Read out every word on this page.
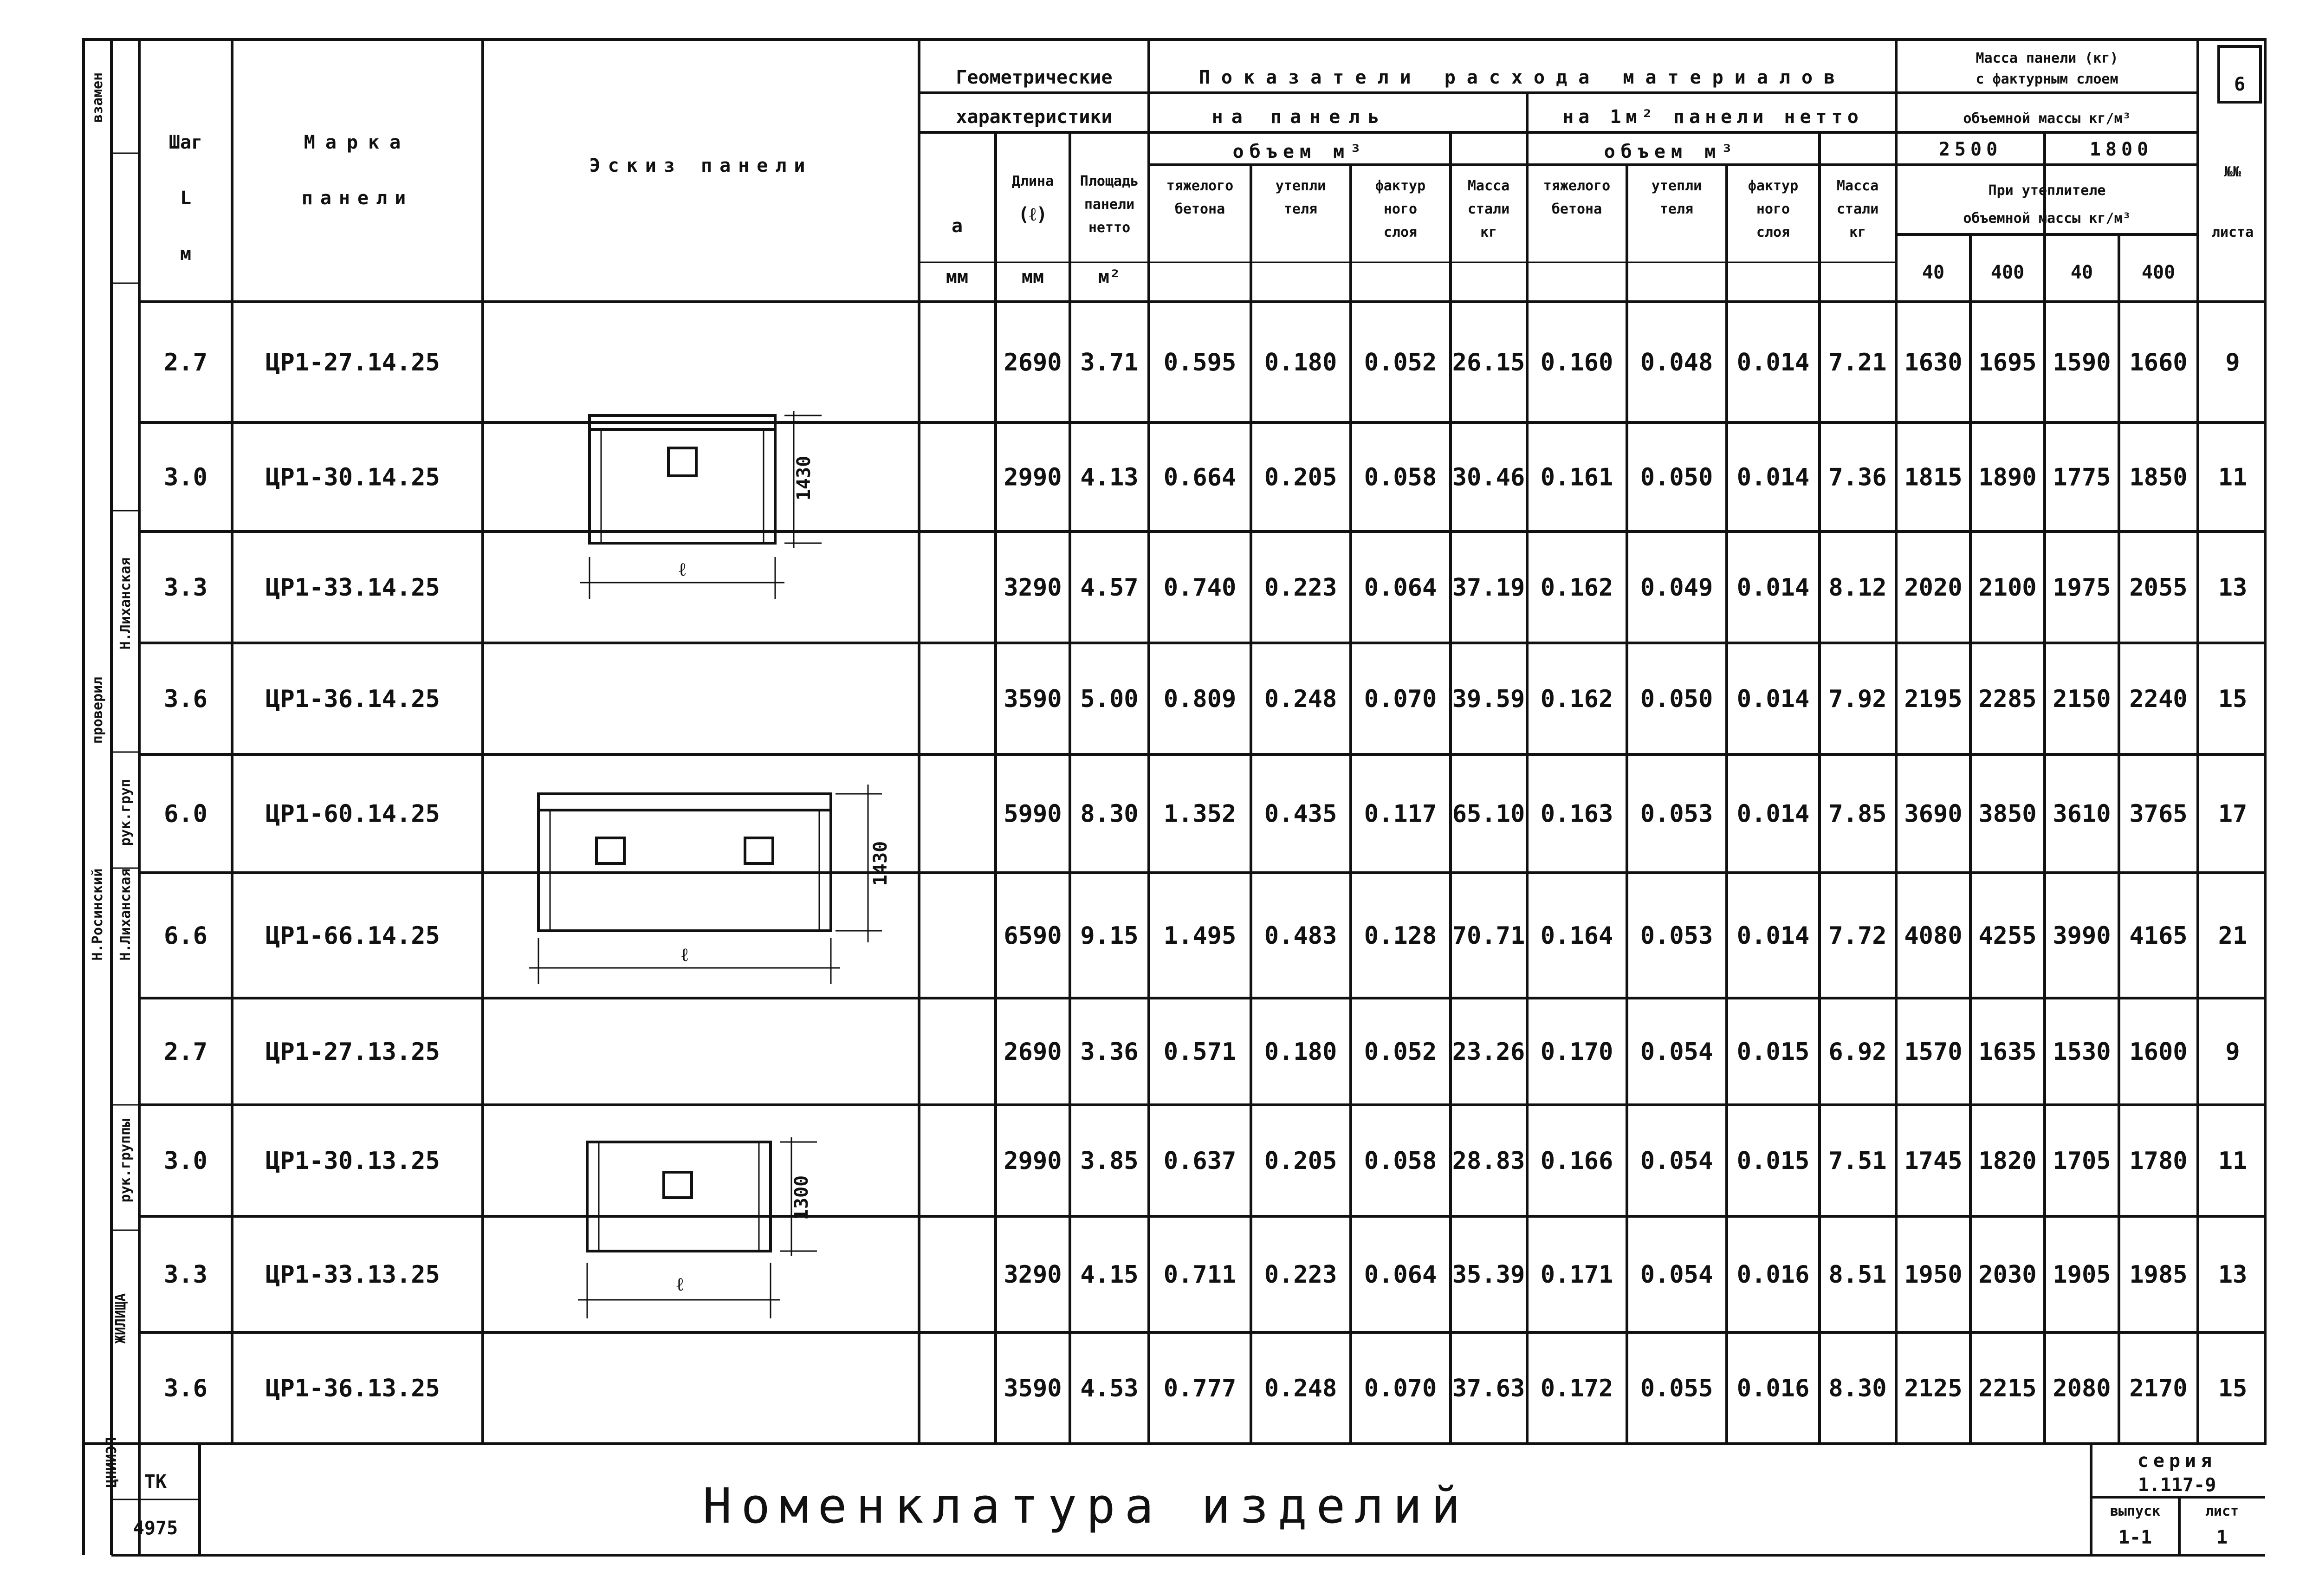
6
Шаг
L
м
Марка
панели
Эскиз панели
Геометрические
характеристики
a
мм
Длина
(ℓ)
мм
Площадь
панели
нетто
м²
Показатели расхода материалов
на панель	на 1м² панели нетто
объем м³	объем м³
тяжелого
бетона
утепли
теля
фактур
ного
слоя
Масса
стали
кг
тяжелого
бетона
утепли
теля
фактур
ного
слоя
Масса
стали
кг
Масса панели (кг)
с фактурным слоем
объемной массы кг/м³
2500	1800
При утеплителе
объемной массы кг/м³
40 400 40	400
№№
листа
2.7 ЦР1-27.14.25	2690 3.71 0.595 0.180 0.052 26.15 0.160 0.048 0.014 7.21 1630 1695 1590 1660 9
3.0 ЦР1-30.14.25	2990 4.13 0.664 0.205 0.058 30.46 0.161 0.050 0.014 7.36 1815 1890 1775 1850 11
3.3 ЦР1-33.14.25	3290 4.57 0.740 0.223 0.064 37.19 0.162 0.049 0.014 8.12 2020 2100 1975 2055 13
3.6 ЦР1-36.14.25	3590 5.00 0.809 0.248 0.070 39.59 0.162 0.050 0.014 7.92 2195 2285 2150 2240 15
6.0 ЦР1-60.14.25	5990 8.30 1.352 0.435 0.117 65.10 0.163 0.053 0.014 7.85 3690 3850 3610 3765 17
6.6 ЦР1-66.14.25	6590 9.15 1.495 0.483 0.128 70.71 0.164 0.053 0.014 7.72 4080 4255 3990 4165 21
2.7 ЦР1-27.13.25	2690 3.36 0.571 0.180 0.052 23.26 0.170 0.054 0.015 6.92 1570 1635 1530 1600 9
3.0 ЦР1-30.13.25	2990 3.85 0.637 0.205 0.058 28.83 0.166 0.054 0.015 7.51 1745 1820 1705 1780 11
3.3 ЦР1-33.13.25	3290 4.15 0.711 0.223 0.064 35.39 0.171 0.054 0.016 8.51 1950 2030 1905 1985 13
3.6 ЦР1-36.13.25	3590 4.53 0.777 0.248 0.070 37.63 0.172 0.055 0.016 8.30 2125 2215 2080 2170 15
1430
ℓ
1430
ℓ
1300
ℓ
Номенклатура изделий
ТК
4975
серия
1.117-9
выпуск
1-1
лист
1
взамен
Н.Лиханская
проверил
рук.груп
Н.Росинский Н.Лиханская
рук.группы
ЖИЛИЩА
ЦНИИЭП
